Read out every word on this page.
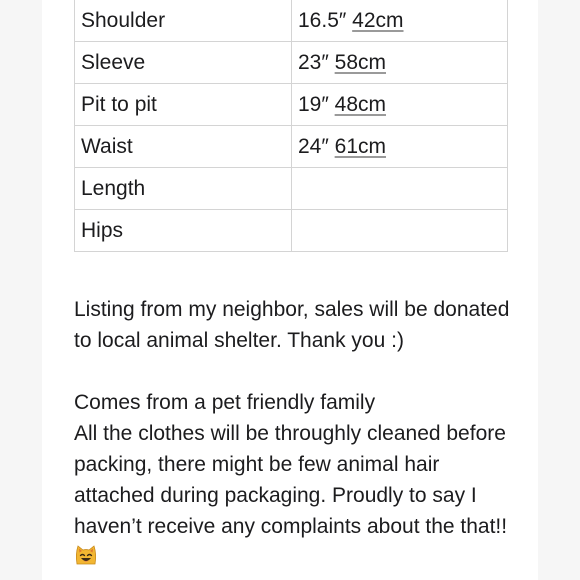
Shoulder	16.5″ 42cm
Sleeve	23″ 58cm
Pit to pit	19″ 48cm
Waist	24″ 61cm
Length	
Hips	

Listing from my neighbor, sales will be donated to local animal shelter. Thank you :)

Comes from a pet friendly family

All the clothes will be throughly cleaned before packing, there might be few animal hair attached during packaging. Proudly to say I haven’t receive any complaints about the that!!
